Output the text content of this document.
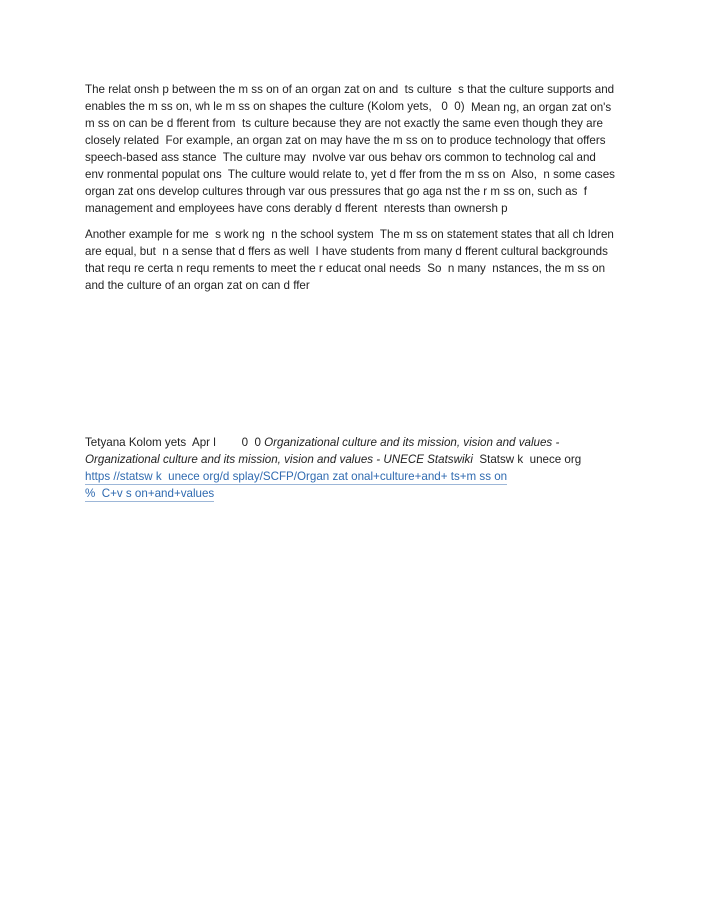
The relat onsh p between the m ss on of an organ zat on and  ts culture  s that the culture supports and
enables the m ss on, wh le m ss on shapes the culture (Kolom yets,   0  0) Mean ng, an organ zat on's
m ss on can be d fferent from  ts culture because they are not exactly the same even though they are
closely related  For example, an organ zat on may have the m ss on to produce technology that offers
speech-based ass stance  The culture may  nvolve var ous behav ors common to technolog cal and
env ronmental populat ons  The culture would relate to, yet d ffer from the m ss on  Also,  n some cases
organ zat ons develop cultures through var ous pressures that go aga nst the r m ss on, such as  f
management and employees have cons derably d fferent  nterests than ownersh p
Another example for me  s work ng  n the school system  The m ss on statement states that all ch ldren
are equal, but  n a sense that d ffers as well  I have students from many d fferent cultural backgrounds
that requ re certa n requ rements to meet the r educat onal needs  So  n many  nstances, the m ss on
and the culture of an organ zat on can d ffer
Tetyana Kolom yets  Apr l        0  0 Organizational culture and its mission, vision and values -
Organizational culture and its mission, vision and values - UNECE Statswiki  Statsw k  unece org
https //statsw k  unece org/d splay/SCFP/Organ zat onal+culture+and+ ts+m ss on
%  C+v s on+and+values
